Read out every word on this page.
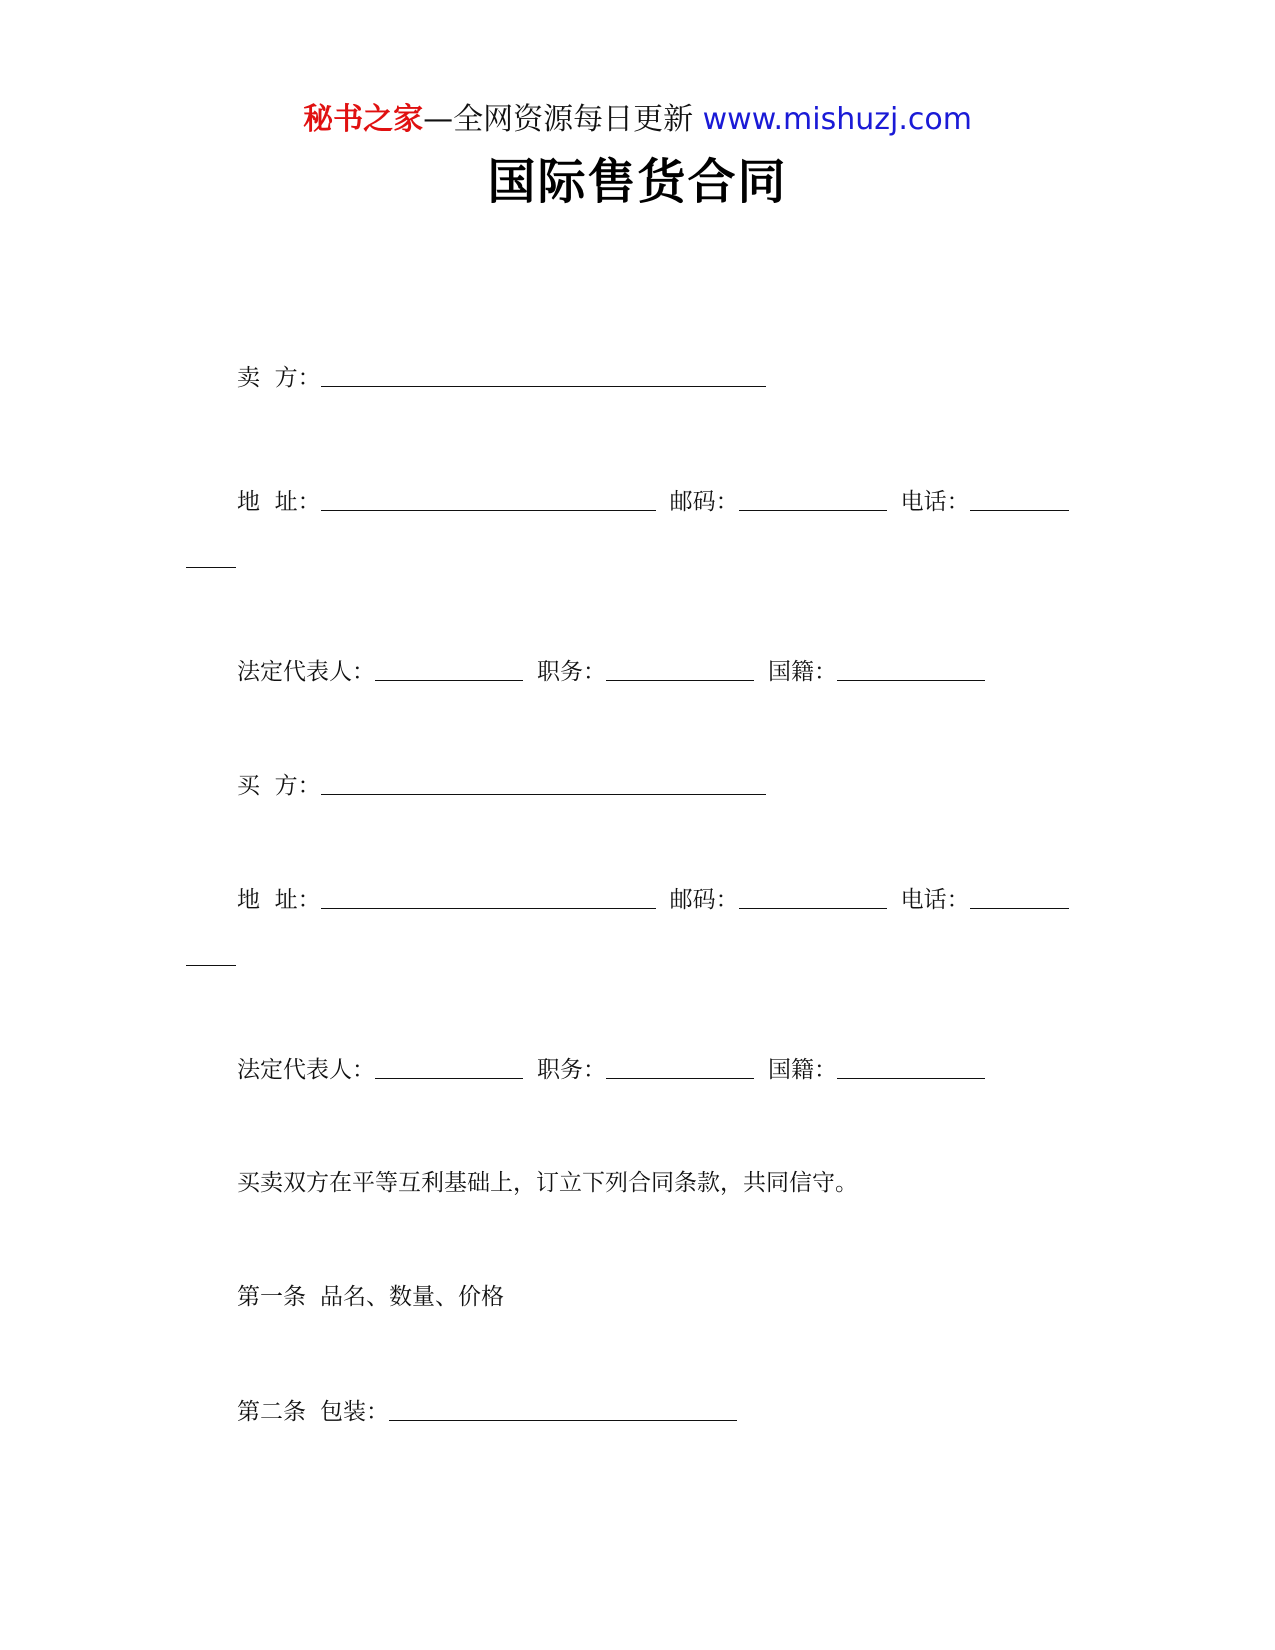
秘书之家—全网资源每日更新 www.mishuzj.com
国际售货合同
卖  方：
地  址：	邮码：	电话：
法定代表人：	职务：	国籍：
买  方：
地  址：	邮码：	电话：
法定代表人：	职务：	国籍：
买卖双方在平等互利基础上，订立下列合同条款，共同信守。
第一条 品名、数量、价格
第二条 包装：
